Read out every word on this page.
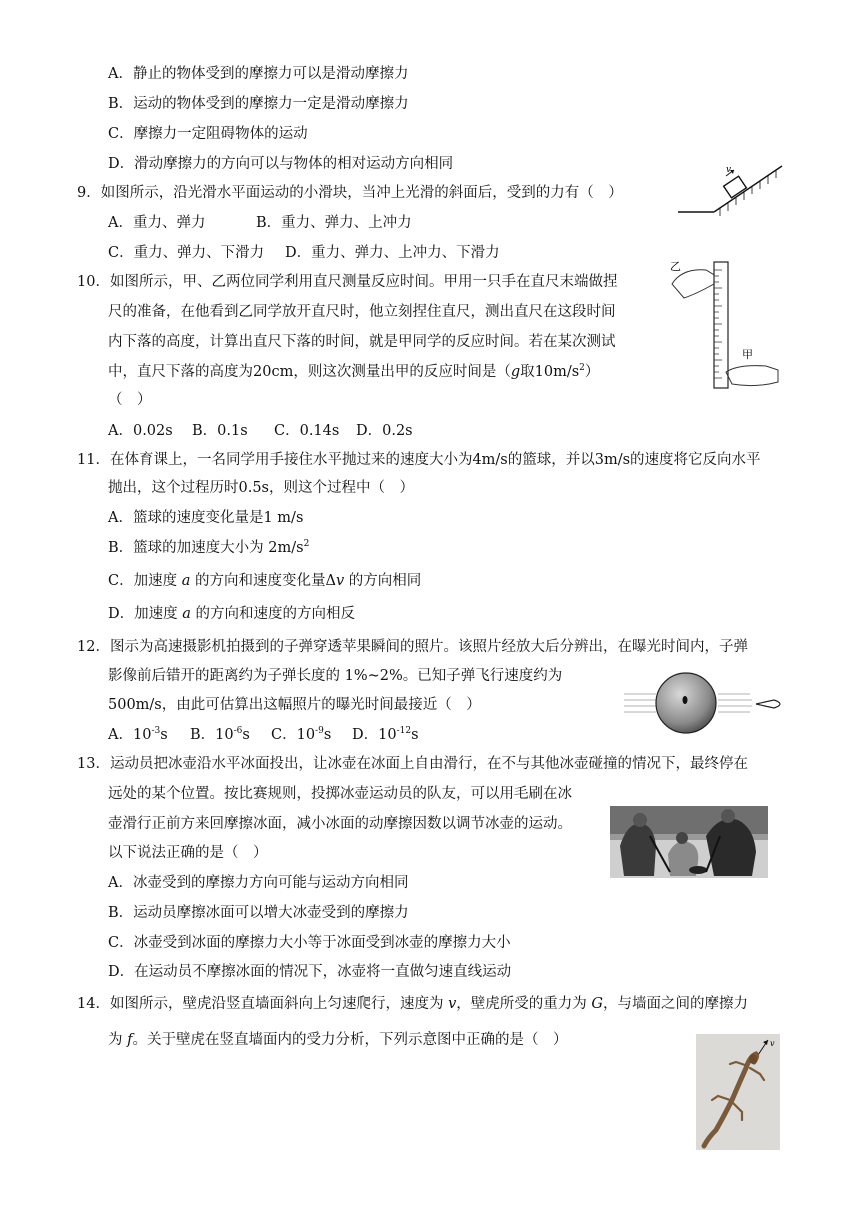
A．静止的物体受到的摩擦力可以是滑动摩擦力
B．运动的物体受到的摩擦力一定是滑动摩擦力
C．摩擦力一定阻碍物体的运动
D．滑动摩擦力的方向可以与物体的相对运动方向相同
9．如图所示，沿光滑水平面运动的小滑块，当冲上光滑的斜面后，受到的力有（　）
A．重力、弹力	B．重力、弹力、上冲力
C．重力、弹力、下滑力 D．重力、弹力、上冲力、下滑力
v
10．如图所示，甲、乙两位同学利用直尺测量反应时间。甲用一只手在直尺末端做捏
尺的准备，在他看到乙同学放开直尺时，他立刻捏住直尺，测出直尺在这段时间
内下落的高度，计算出直尺下落的时间，就是甲同学的反应时间。若在某次测试
中，直尺下落的高度为20cm，则这次测量出甲的反应时间是（g取$10m/s^2$）
（　）
A．0.02s B．0.1s C．0.14s D．0.2s
乙
甲
11．在体育课上，一名同学用手接住水平抛过来的速度大小为4m/s的篮球，并以3m/s的速度将它反向水平
抛出，这个过程历时0.5s，则这个过程中（　）
A．篮球的速度变化量是1 m/s
B．篮球的加速度大小为 $2m/s^2$
C．加速度 a 的方向和速度变化量Δv 的方向相同
D．加速度 a 的方向和速度的方向相反
12．图示为高速摄影机拍摄到的子弹穿透苹果瞬间的照片。该照片经放大后分辨出，在曝光时间内，子弹
影像前后错开的距离约为子弹长度的 1%~2%。已知子弹飞行速度约为
500m/s，由此可估算出这幅照片的曝光时间最接近（　）
A．$10^{-3}s$ B．$10^{-6}s$ C．$10^{-9}s$ D．$10^{-12}s$
13．运动员把冰壶沿水平冰面投出，让冰壶在冰面上自由滑行，在不与其他冰壶碰撞的情况下，最终停在
远处的某个位置。按比赛规则，投掷冰壶运动员的队友，可以用毛刷在冰
壶滑行正前方来回摩擦冰面，减小冰面的动摩擦因数以调节冰壶的运动。
以下说法正确的是（　）
A．冰壶受到的摩擦力方向可能与运动方向相同
B．运动员摩擦冰面可以增大冰壶受到的摩擦力
C．冰壶受到冰面的摩擦力大小等于冰面受到冰壶的摩擦力大小
D．在运动员不摩擦冰面的情况下，冰壶将一直做匀速直线运动
14．如图所示，壁虎沿竖直墙面斜向上匀速爬行，速度为 v，壁虎所受的重力为 G，与墙面之间的摩擦力
为 f。关于壁虎在竖直墙面内的受力分析，下列示意图中正确的是（　）	v
